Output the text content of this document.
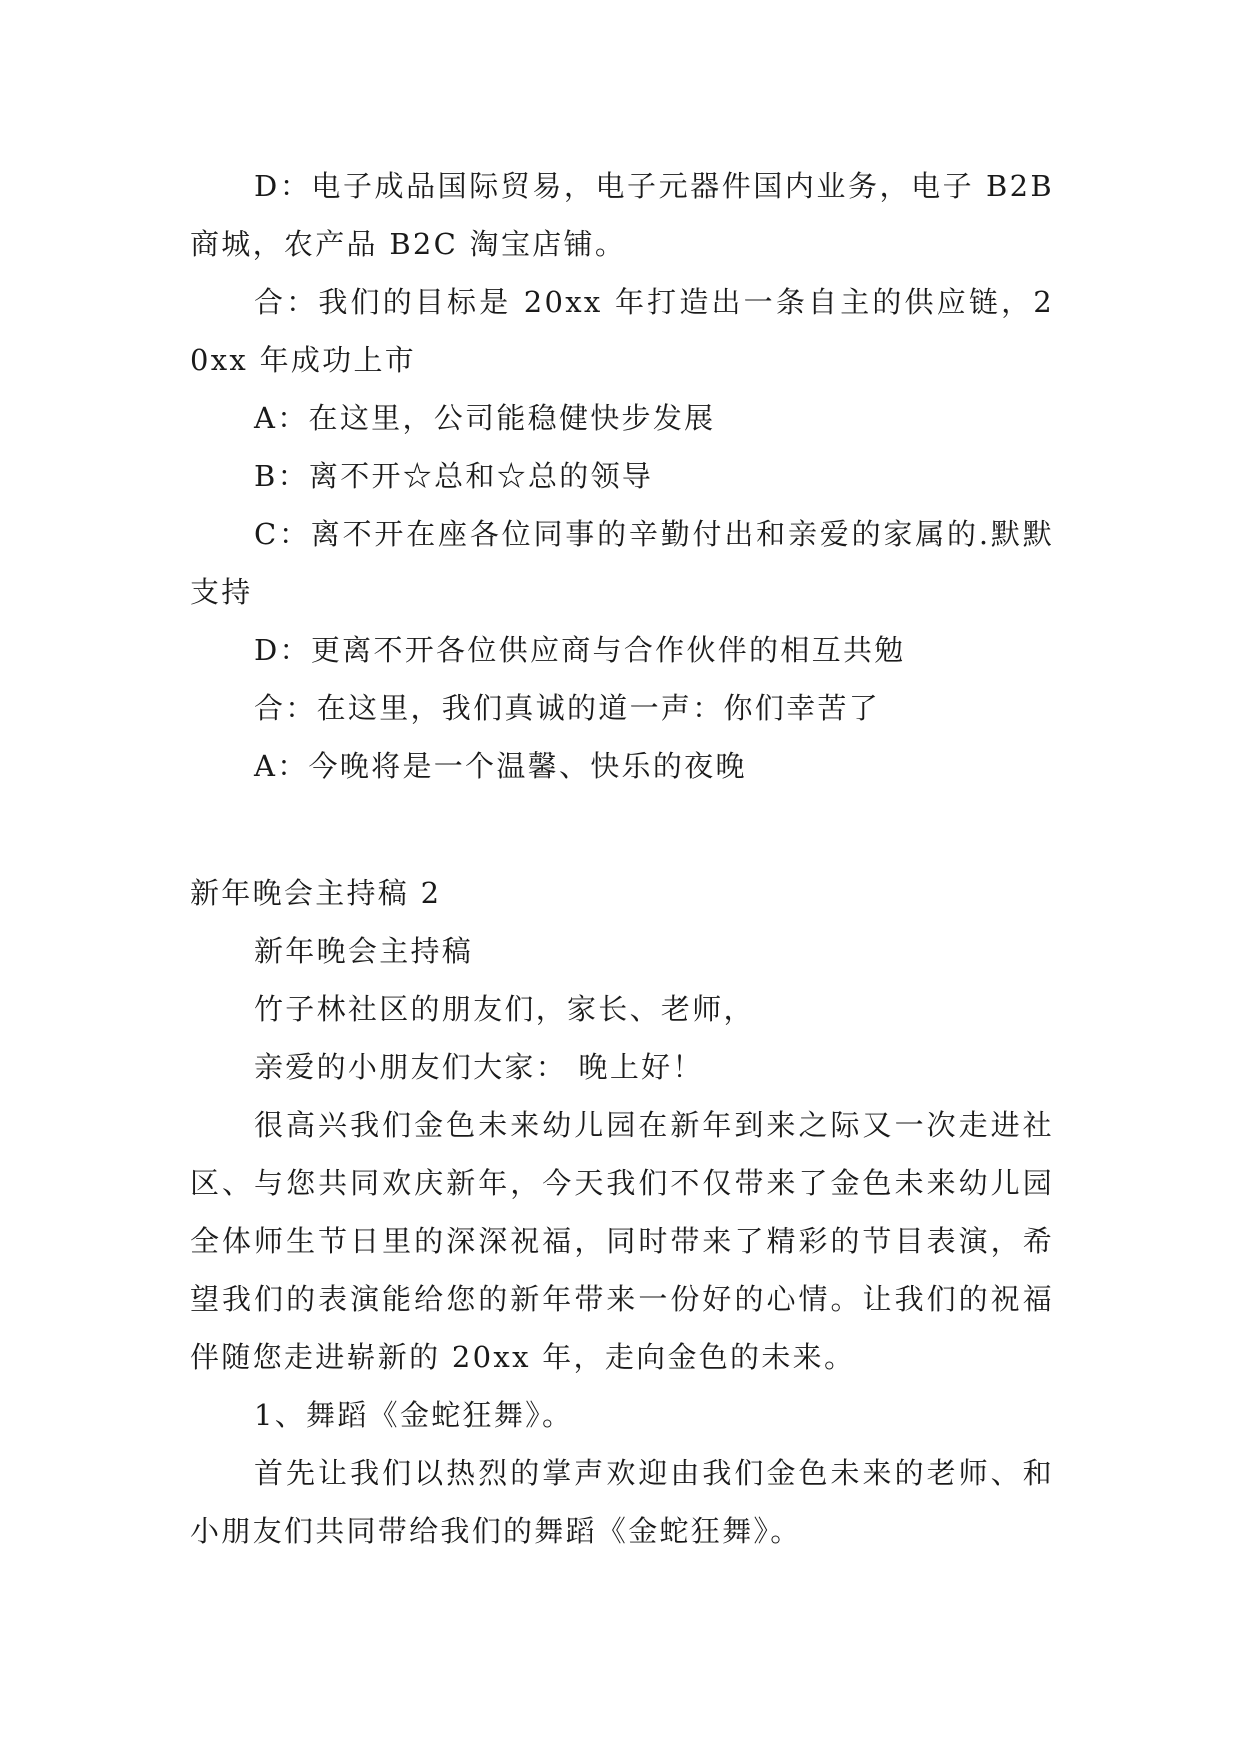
D：电子成品国际贸易，电子元器件国内业务，电子 B2B 商城，农产品 B2C 淘宝店铺。

合：我们的目标是 20xx 年打造出一条自主的供应链，20xx 年成功上市

A：在这里，公司能稳健快步发展

B：离不开☆总和☆总的领导

C：离不开在座各位同事的辛勤付出和亲爱的家属的.默默支持

D：更离不开各位供应商与合作伙伴的相互共勉

合：在这里，我们真诚的道一声：你们幸苦了

A：今晚将是一个温馨、快乐的夜晚

新年晚会主持稿 2

新年晚会主持稿

竹子林社区的朋友们，家长、老师，

亲爱的小朋友们大家： 晚上好！

很高兴我们金色未来幼儿园在新年到来之际又一次走进社区、与您共同欢庆新年，今天我们不仅带来了金色未来幼儿园全体师生节日里的深深祝福，同时带来了精彩的节目表演，希望我们的表演能给您的新年带来一份好的心情。让我们的祝福伴随您走进崭新的 20xx 年，走向金色的未来。

1、舞蹈《金蛇狂舞》。

首先让我们以热烈的掌声欢迎由我们金色未来的老师、和小朋友们共同带给我们的舞蹈《金蛇狂舞》。
